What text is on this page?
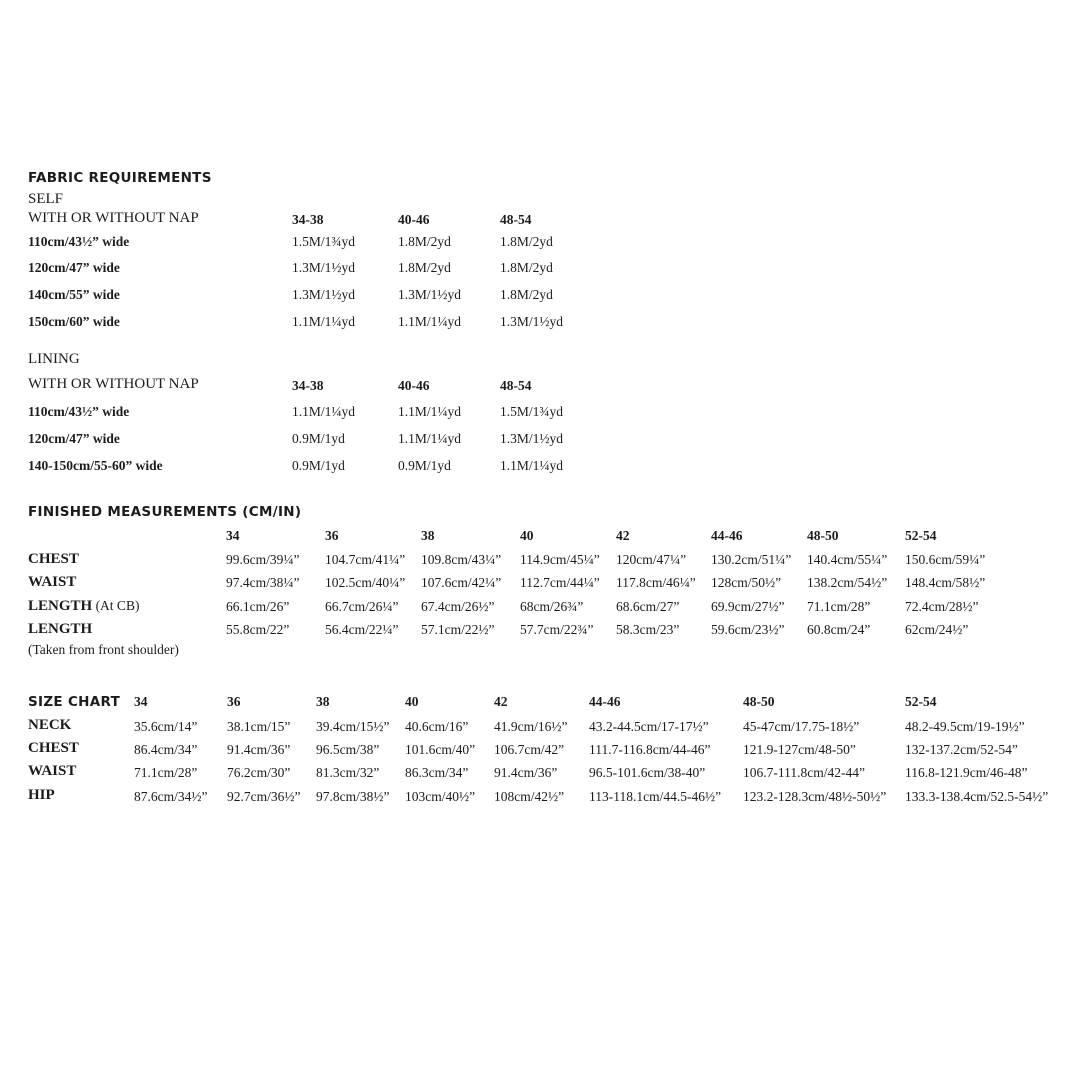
FABRIC REQUIREMENTS
SELF
WITH OR WITHOUT NAP	34-38	40-46	48-54
110cm/43½” wide	1.5M/1¾yd	1.8M/2yd	1.8M/2yd
120cm/47” wide	1.3M/1½yd	1.8M/2yd	1.8M/2yd
140cm/55” wide	1.3M/1½yd	1.3M/1½yd	1.8M/2yd
150cm/60” wide	1.1M/1¼yd	1.1M/1¼yd	1.3M/1½yd
LINING
WITH OR WITHOUT NAP	34-38	40-46	48-54
110cm/43½” wide	1.1M/1¼yd	1.1M/1¼yd	1.5M/1¾yd
120cm/47” wide	0.9M/1yd	1.1M/1¼yd	1.3M/1½yd
140-150cm/55-60” wide	0.9M/1yd	0.9M/1yd	1.1M/1¼yd
FINISHED MEASUREMENTS (CM/IN)
34	36	38	40	42	44-46	48-50	52-54
CHEST	99.6cm/39¼” 104.7cm/41¼” 109.8cm/43¼” 114.9cm/45¼” 120cm/47¼” 130.2cm/51¼” 140.4cm/55¼” 150.6cm/59¼”
WAIST	97.4cm/38¼” 102.5cm/40¼” 107.6cm/42¼” 112.7cm/44¼” 117.8cm/46¼” 128cm/50½” 138.2cm/54½” 148.4cm/58½”
LENGTH (At CB)	66.1cm/26”	66.7cm/26¼” 67.4cm/26½” 68cm/26¾” 68.6cm/27” 69.9cm/27½” 71.1cm/28”	72.4cm/28½”
LENGTH	55.8cm/22”	56.4cm/22¼” 57.1cm/22½” 57.7cm/22¾” 58.3cm/23” 59.6cm/23½” 60.8cm/24”	62cm/24½”
(Taken from front shoulder)
SIZE CHART 34	36	38	40	42	44-46	48-50	52-54
NECK	35.6cm/14” 38.1cm/15” 39.4cm/15½” 40.6cm/16” 41.9cm/16½” 43.2-44.5cm/17-17½”	45-47cm/17.75-18½”	48.2-49.5cm/19-19½”
CHEST	86.4cm/34” 91.4cm/36” 96.5cm/38” 101.6cm/40” 106.7cm/42” 111.7-116.8cm/44-46” 121.9-127cm/48-50”	132-137.2cm/52-54”
WAIST	71.1cm/28” 76.2cm/30” 81.3cm/32” 86.3cm/34” 91.4cm/36” 96.5-101.6cm/38-40”	106.7-111.8cm/42-44”	116.8-121.9cm/46-48”
HIP	87.6cm/34½” 92.7cm/36½” 97.8cm/38½” 103cm/40½” 108cm/42½” 113-118.1cm/44.5-46½” 123.2-128.3cm/48½-50½” 133.3-138.4cm/52.5-54½”
